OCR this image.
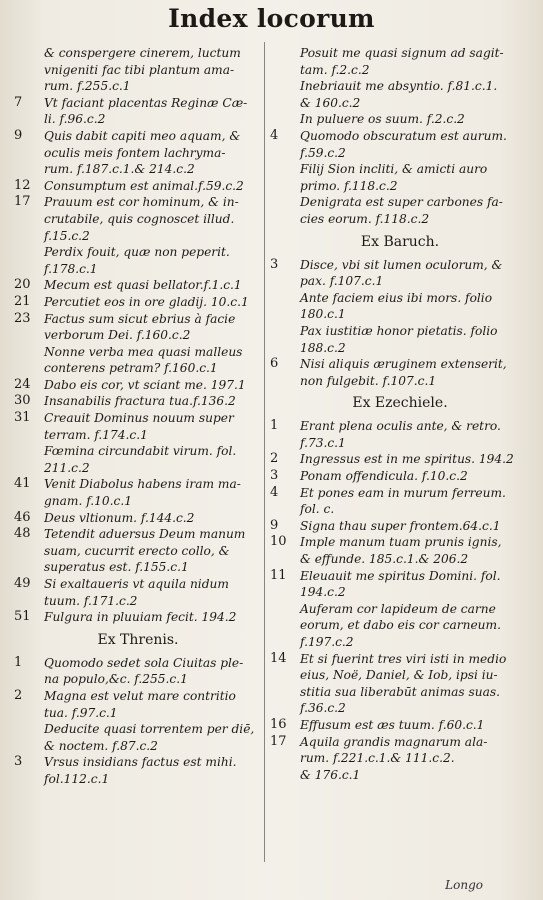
Index locorum
& conspergere cinerem, luctum
vnigeniti fac tibi plantum ama-
rum. f.255.c.1
7	Vt faciant placentas Reginæ Cæ-
li. f.96.c.2
9	Quis dabit capiti meo aquam, &
oculis meis fontem lachryma-
rum. f.187.c.1.& 214.c.2
12	Consumptum est animal.f.59.c.2
17	Prauum est cor hominum, & in-
crutabile, quis cognoscet illud.
f.15.c.2
Perdix fouit, quæ non peperit.
f.178.c.1
20	Mecum est quasi bellator.f.1.c.1
21	Percutiet eos in ore gladij. 10.c.1
23	Factus sum sicut ebrius à facie
verborum Dei. f.160.c.2
Nonne verba mea quasi malleus
conterens petram? f.160.c.1
24	Dabo eis cor, vt sciant me. 197.1
30	Insanabilis fractura tua.f.136.2
31	Creauit Dominus nouum super
terram. f.174.c.1
Fœmina circundabit virum. fol.
211.c.2
41	Venit Diabolus habens iram ma-
gnam. f.10.c.1
46	Deus vltionum. f.144.c.2
48	Tetendit aduersus Deum manum
suam, cucurrit erecto collo, &
superatus est. f.155.c.1
49	Si exaltaueris vt aquila nidum
tuum. f.171.c.2
51	Fulgura in pluuiam fecit. 194.2
Ex Threnis.
1	Quomodo sedet sola Ciuitas ple-
na populo,&c. f.255.c.1
2	Magna est velut mare contritio
tua. f.97.c.1
Deducite quasi torrentem per diē,
& noctem. f.87.c.2
3	Vrsus insidians factus est mihi.
fol.112.c.1
Posuit me quasi signum ad sagit-
tam. f.2.c.2
Inebriauit me absyntio. f.81.c.1.
& 160.c.2
In puluere os suum. f.2.c.2
4	Quomodo obscuratum est aurum.
f.59.c.2
Filij Sion incliti, & amicti auro
primo. f.118.c.2
Denigrata est super carbones fa-
cies eorum. f.118.c.2
Ex Baruch.
3	Disce, vbi sit lumen oculorum, &
pax. f.107.c.1
Ante faciem eius ibi mors. folio
180.c.1
Pax iustitiæ honor pietatis. folio
188.c.2
6	Nisi aliquis æruginem extenserit,
non fulgebit. f.107.c.1
Ex Ezechiele.
1	Erant plena oculis ante, & retro.
f.73.c.1
2	Ingressus est in me spiritus. 194.2
3	Ponam offendicula. f.10.c.2
4	Et pones eam in murum ferreum.
fol. c.
9	Signa thau super frontem.64.c.1
10	Imple manum tuam prunis ignis,
& effunde. 185.c.1.& 206.2
11	Eleuauit me spiritus Domini. fol.
194.c.2
Auferam cor lapideum de carne
eorum, et dabo eis cor carneum.
f.197.c.2
14	Et si fuerint tres viri isti in medio
eius, Noë, Daniel, & Iob, ipsi iu-
stitia sua liberabūt animas suas.
f.36.c.2
16	Effusum est æs tuum. f.60.c.1
17	Aquila grandis magnarum ala-
rum. f.221.c.1.& 111.c.2.
& 176.c.1
Longo
